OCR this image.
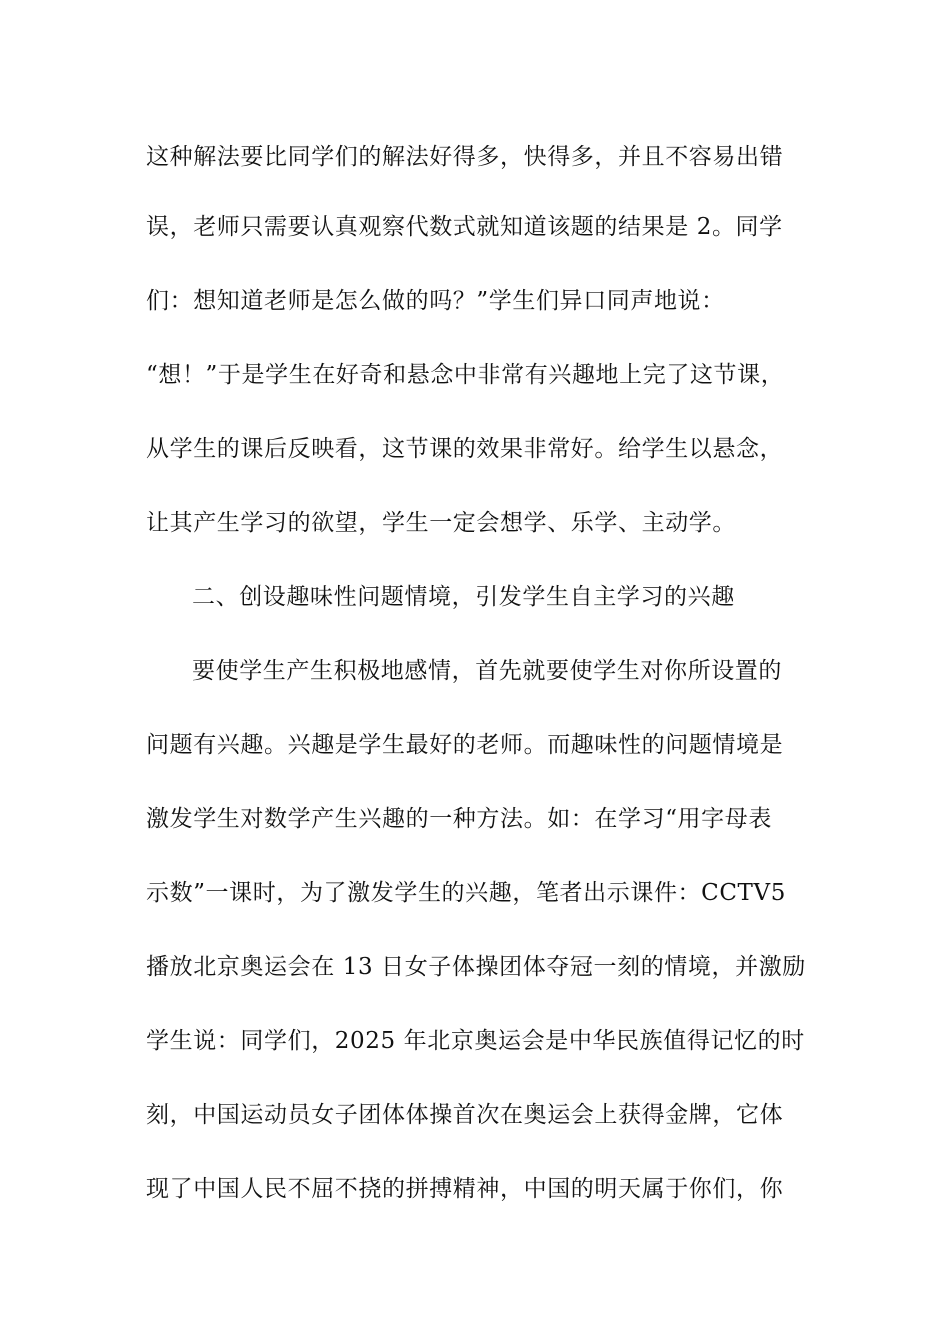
这种解法要比同学们的解法好得多，快得多，并且不容易出错

误，老师只需要认真观察代数式就知道该题的结果是 2。同学

们：想知道老师是怎么做的吗？”学生们异口同声地说：

“想！”于是学生在好奇和悬念中非常有兴趣地上完了这节课，

从学生的课后反映看，这节课的效果非常好。给学生以悬念，

让其产生学习的欲望，学生一定会想学、乐学、主动学。

二、创设趣味性问题情境，引发学生自主学习的兴趣

要使学生产生积极地感情，首先就要使学生对你所设置的

问题有兴趣。兴趣是学生最好的老师。而趣味性的问题情境是

激发学生对数学产生兴趣的一种方法。如：在学习“用字母表

示数”一课时，为了激发学生的兴趣，笔者出示课件：CCTV5

播放北京奥运会在 13 日女子体操团体夺冠一刻的情境，并激励

学生说：同学们，2025 年北京奥运会是中华民族值得记忆的时

刻，中国运动员女子团体体操首次在奥运会上获得金牌，它体

现了中国人民不屈不挠的拼搏精神，中国的明天属于你们，你
